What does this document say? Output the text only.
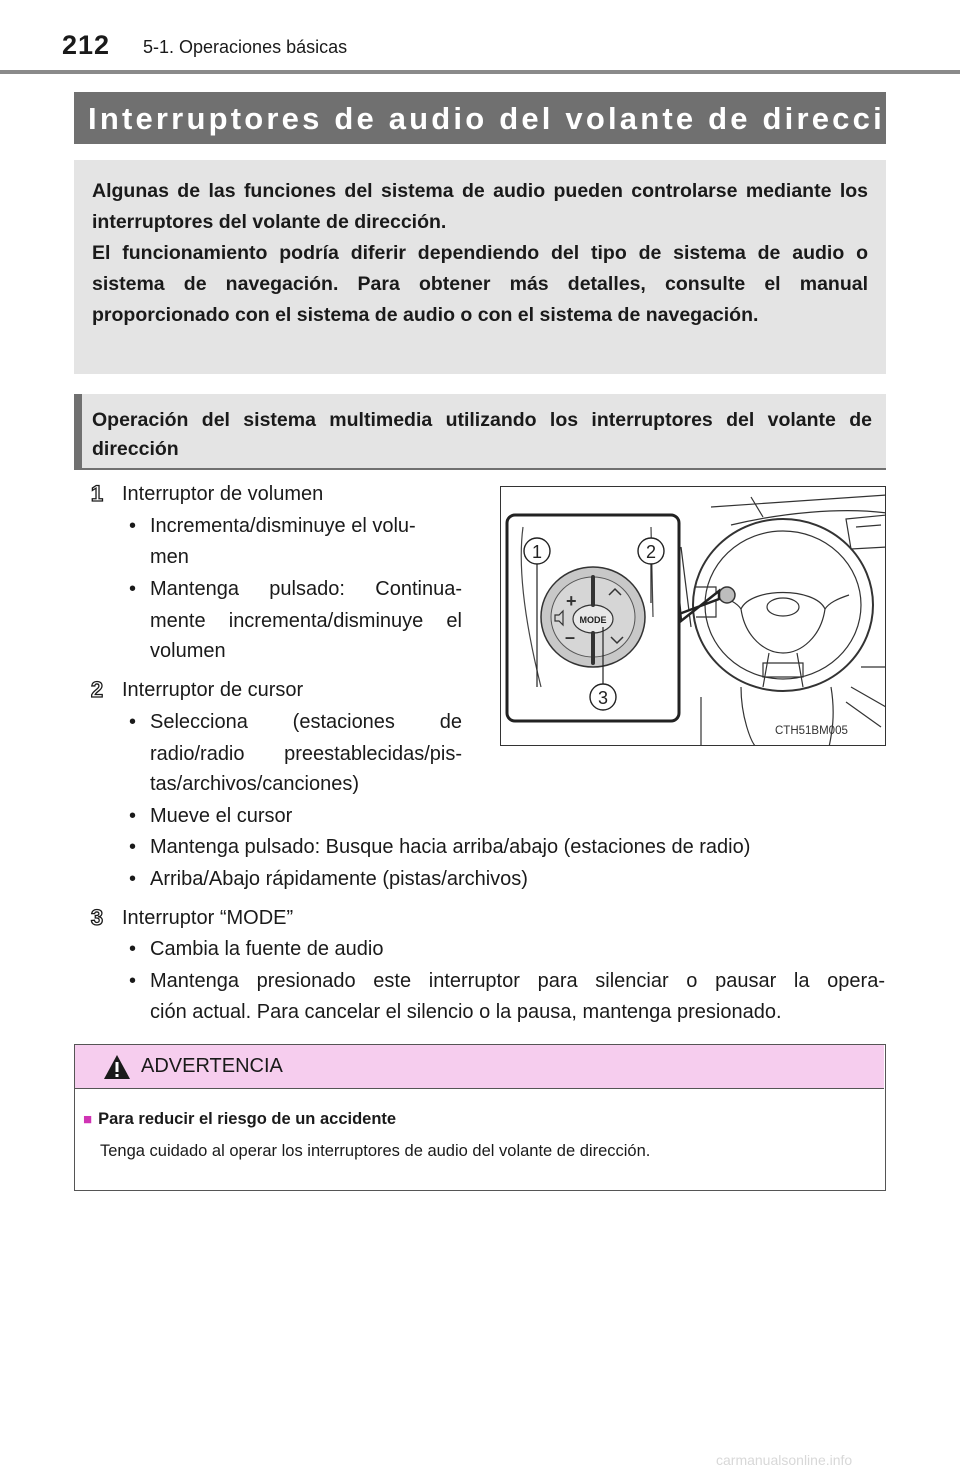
212 5-1. Operaciones básicas
Interruptores de audio del volante de dirección

Algunas de las funciones del sistema de audio pueden controlarse mediante los interruptores del volante de dirección.

El funcionamiento podría diferir dependiendo del tipo de sistema de audio o sistema de navegación. Para obtener más detalles, consulte el manual proporcionado con el sistema de audio o con el sistema de navegación.

Operación del sistema multimedia utilizando los interruptores del volante de dirección

1 Interruptor de volumen
• Incrementa/disminuye el volu-
men
• Mantenga pulsado: Continua-
mente incrementa/disminuye el
volumen
2 Interruptor de cursor
• Selecciona (estaciones de
radio/radio preestablecidas/pis-
tas/archivos/canciones)
• Mueve el cursor
• Mantenga pulsado: Busque hacia arriba/abajo (estaciones de radio)
• Arriba/Abajo rápidamente (pistas/archivos)
3 Interruptor “MODE”
• Cambia la fuente de audio
• Mantenga presionado este interruptor para silenciar o pausar la opera-
ción actual. Para cancelar el silencio o la pausa, mantenga presionado.
MODE
+
–
1	2
3
CTH51BM005
ADVERTENCIA
■ Para reducir el riesgo de un accidente
Tenga cuidado al operar los interruptores de audio del volante de dirección.
carmanualsonline.info
